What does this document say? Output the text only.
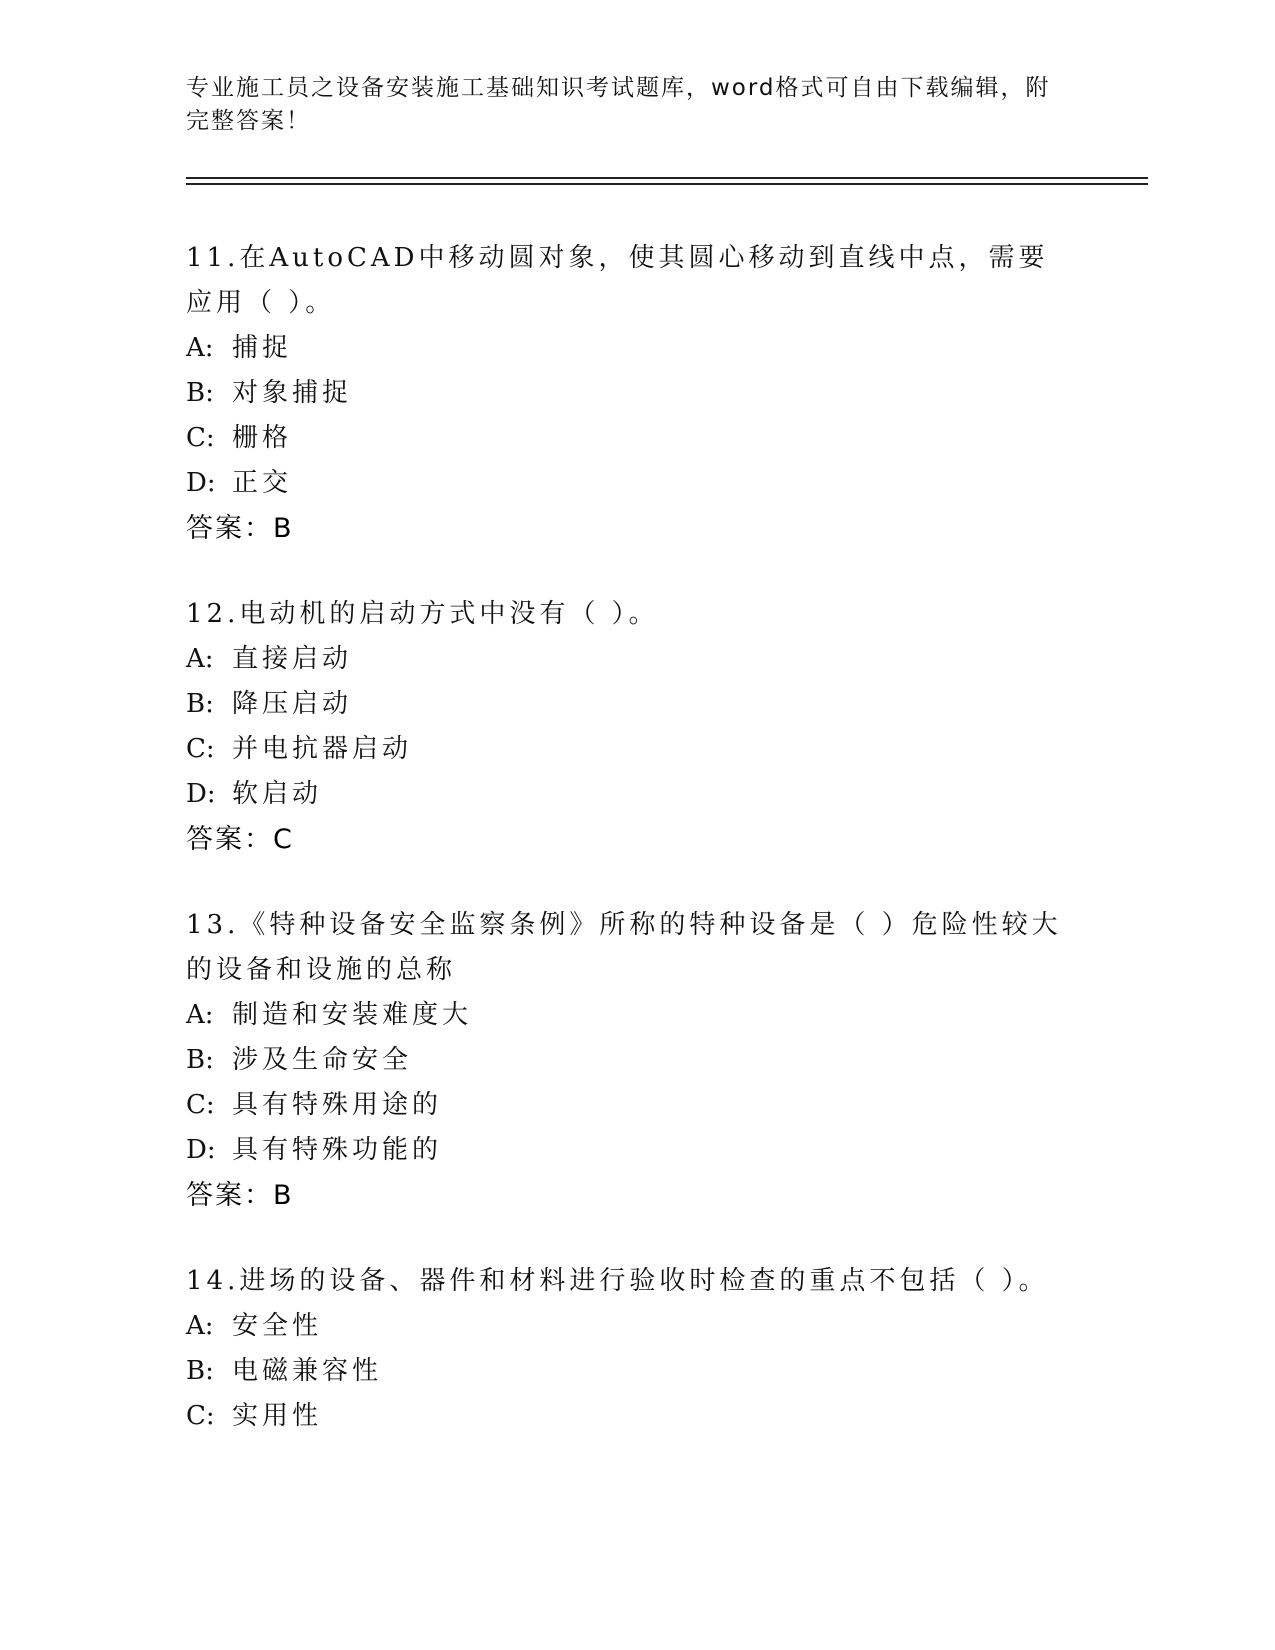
专业施工员之设备安装施工基础知识考试题库，word格式可自由下载编辑，附完整答案！

11.在AutoCAD中移动圆对象，使其圆心移动到直线中点，需要应用（ ）。

A: 捕捉

B: 对象捕捉

C: 栅格

D: 正交

答案：B

12.电动机的启动方式中没有（ ）。

A: 直接启动

B: 降压启动

C: 并电抗器启动

D: 软启动

答案：C

13.《特种设备安全监察条例》所称的特种设备是（ ）危险性较大的设备和设施的总称

A: 制造和安装难度大

B: 涉及生命安全

C: 具有特殊用途的

D: 具有特殊功能的

答案：B

14.进场的设备、器件和材料进行验收时检查的重点不包括（ ）。

A: 安全性

B: 电磁兼容性

C: 实用性
